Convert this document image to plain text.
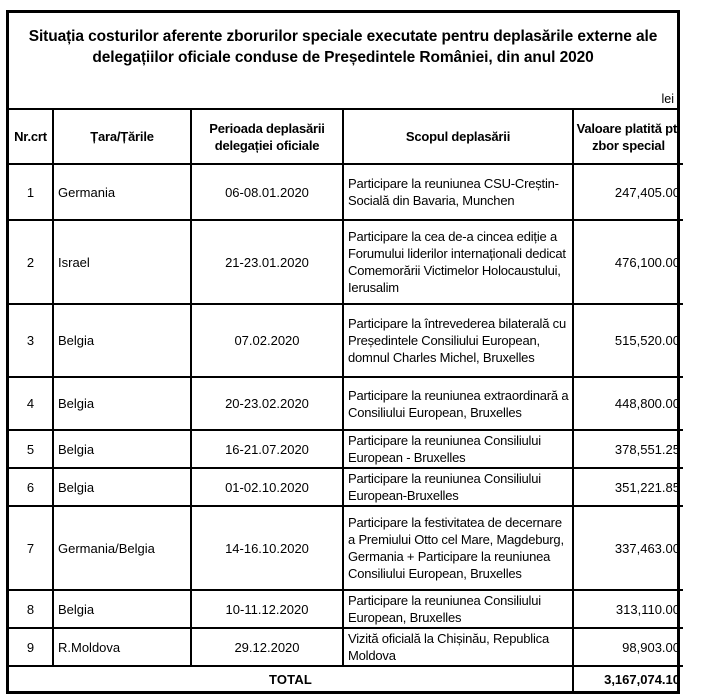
Situația costurilor aferente zborurilor speciale executate pentru deplasările externe ale delegațiilor oficiale conduse de Președintele României, din anul 2020
lei
Nr.crt	Țara/Țările	Perioada deplasării delegației oficiale	Scopul deplasării	Valoare platită pt. zbor special
1	Germania	06-08.01.2020	Participare la reuniunea CSU-Creștin-Socială din Bavaria, Munchen	247,405.00
2	Israel	21-23.01.2020	Participare la cea de-a cincea ediție a Forumului liderilor internaționali dedicat Comemorării Victimelor Holocaustului, Ierusalim	476,100.00
3	Belgia	07.02.2020	Participare la întrevederea bilaterală cu Președintele Consiliului European, domnul Charles Michel, Bruxelles	515,520.00
4	Belgia	20-23.02.2020	Participare la reuniunea extraordinară a Consiliului European, Bruxelles	448,800.00
5	Belgia	16-21.07.2020	Participare la reuniunea Consiliului European - Bruxelles	378,551.25
6	Belgia	01-02.10.2020	Participare la reuniunea Consiliului European-Bruxelles	351,221.85
7	Germania/Belgia	14-16.10.2020	Participare la festivitatea de decernare a Premiului Otto cel Mare, Magdeburg, Germania + Participare la reuniunea Consiliului European, Bruxelles	337,463.00
8	Belgia	10-11.12.2020	Participare la reuniunea Consiliului European, Bruxelles	313,110.00
9	R.Moldova	29.12.2020	Vizită oficială la Chișinău, Republica Moldova	98,903.00
TOTAL				3,167,074.10
